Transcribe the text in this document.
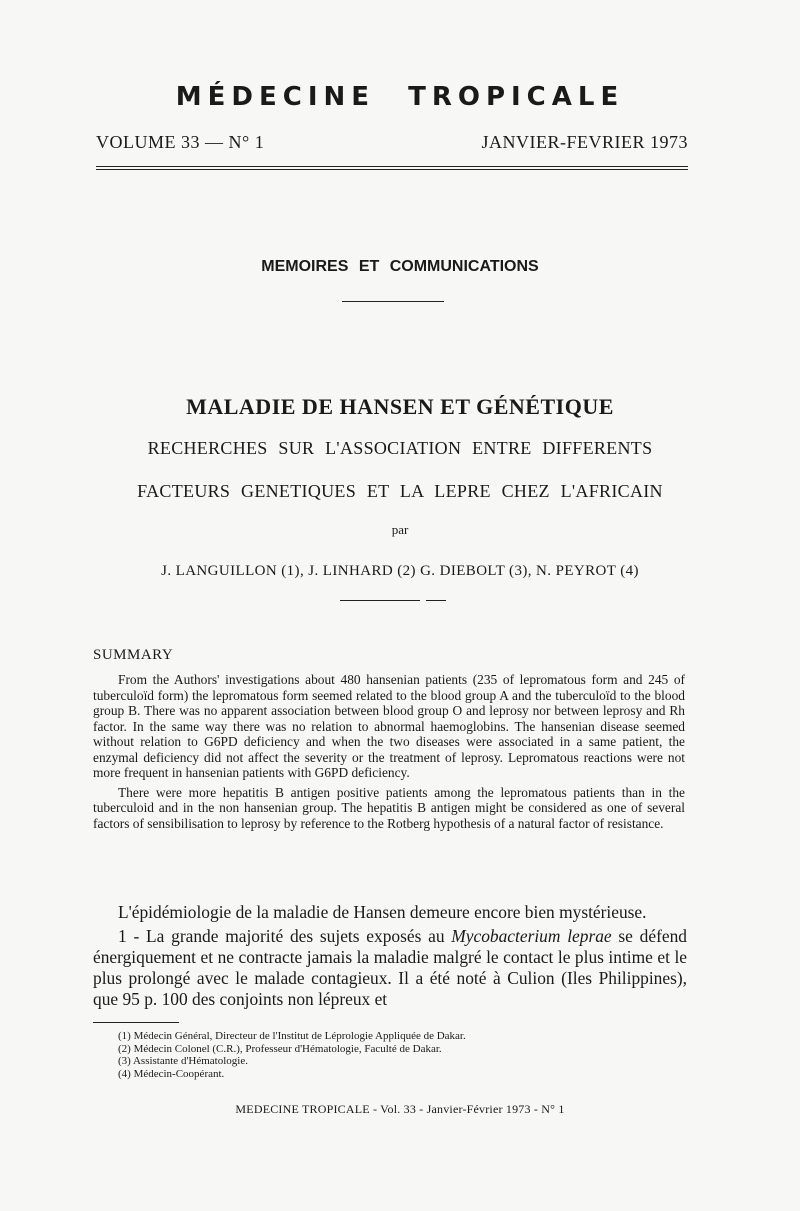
MÉDECINE TROPICALE
VOLUME 33 — N° 1	JANVIER-FEVRIER 1973
MEMOIRES ET COMMUNICATIONS
MALADIE DE HANSEN ET GÉNÉTIQUE
RECHERCHES SUR L'ASSOCIATION ENTRE DIFFERENTS
FACTEURS GENETIQUES ET LA LEPRE CHEZ L'AFRICAIN
par
J. LANGUILLON (1), J. LINHARD (2) G. DIEBOLT (3), N. PEYROT (4)
SUMMARY

From the Authors' investigations about 480 hansenian patients (235 of lepromatous form and 245 of tuberculoïd form) the lepromatous form seemed related to the blood group A and the tuberculoïd to the blood group B. There was no apparent association between blood group O and leprosy nor between leprosy and Rh factor. In the same way there was no relation to abnormal haemoglobins. The hansenian disease seemed without relation to G6PD deficiency and when the two diseases were associated in a same patient, the enzymal deficiency did not affect the severity or the treatment of leprosy. Lepromatous reactions were not more frequent in hansenian patients with G6PD deficiency.

There were more hepatitis B antigen positive patients among the lepromatous patients than in the tuberculoid and in the non hansenian group. The hepatitis B antigen might be considered as one of several factors of sensibilisation to leprosy by reference to the Rotberg hypothesis of a natural factor of resistance.

L'épidémiologie de la maladie de Hansen demeure encore bien mystérieuse.

1 - La grande majorité des sujets exposés au Mycobacterium leprae se défend énergiquement et ne contracte jamais la maladie malgré le contact le plus intime et le plus prolongé avec le malade contagieux. Il a été noté à Culion (Iles Philippines), que 95 p. 100 des conjoints non lépreux et

(1) Médecin Général, Directeur de l'Institut de Léprologie Appliquée de Dakar.
(2) Médecin Colonel (C.R.), Professeur d'Hématologie, Faculté de Dakar.
(3) Assistante d'Hématologie.
(4) Médecin-Coopérant.
MEDECINE TROPICALE - Vol. 33 - Janvier-Février 1973 - N° 1
